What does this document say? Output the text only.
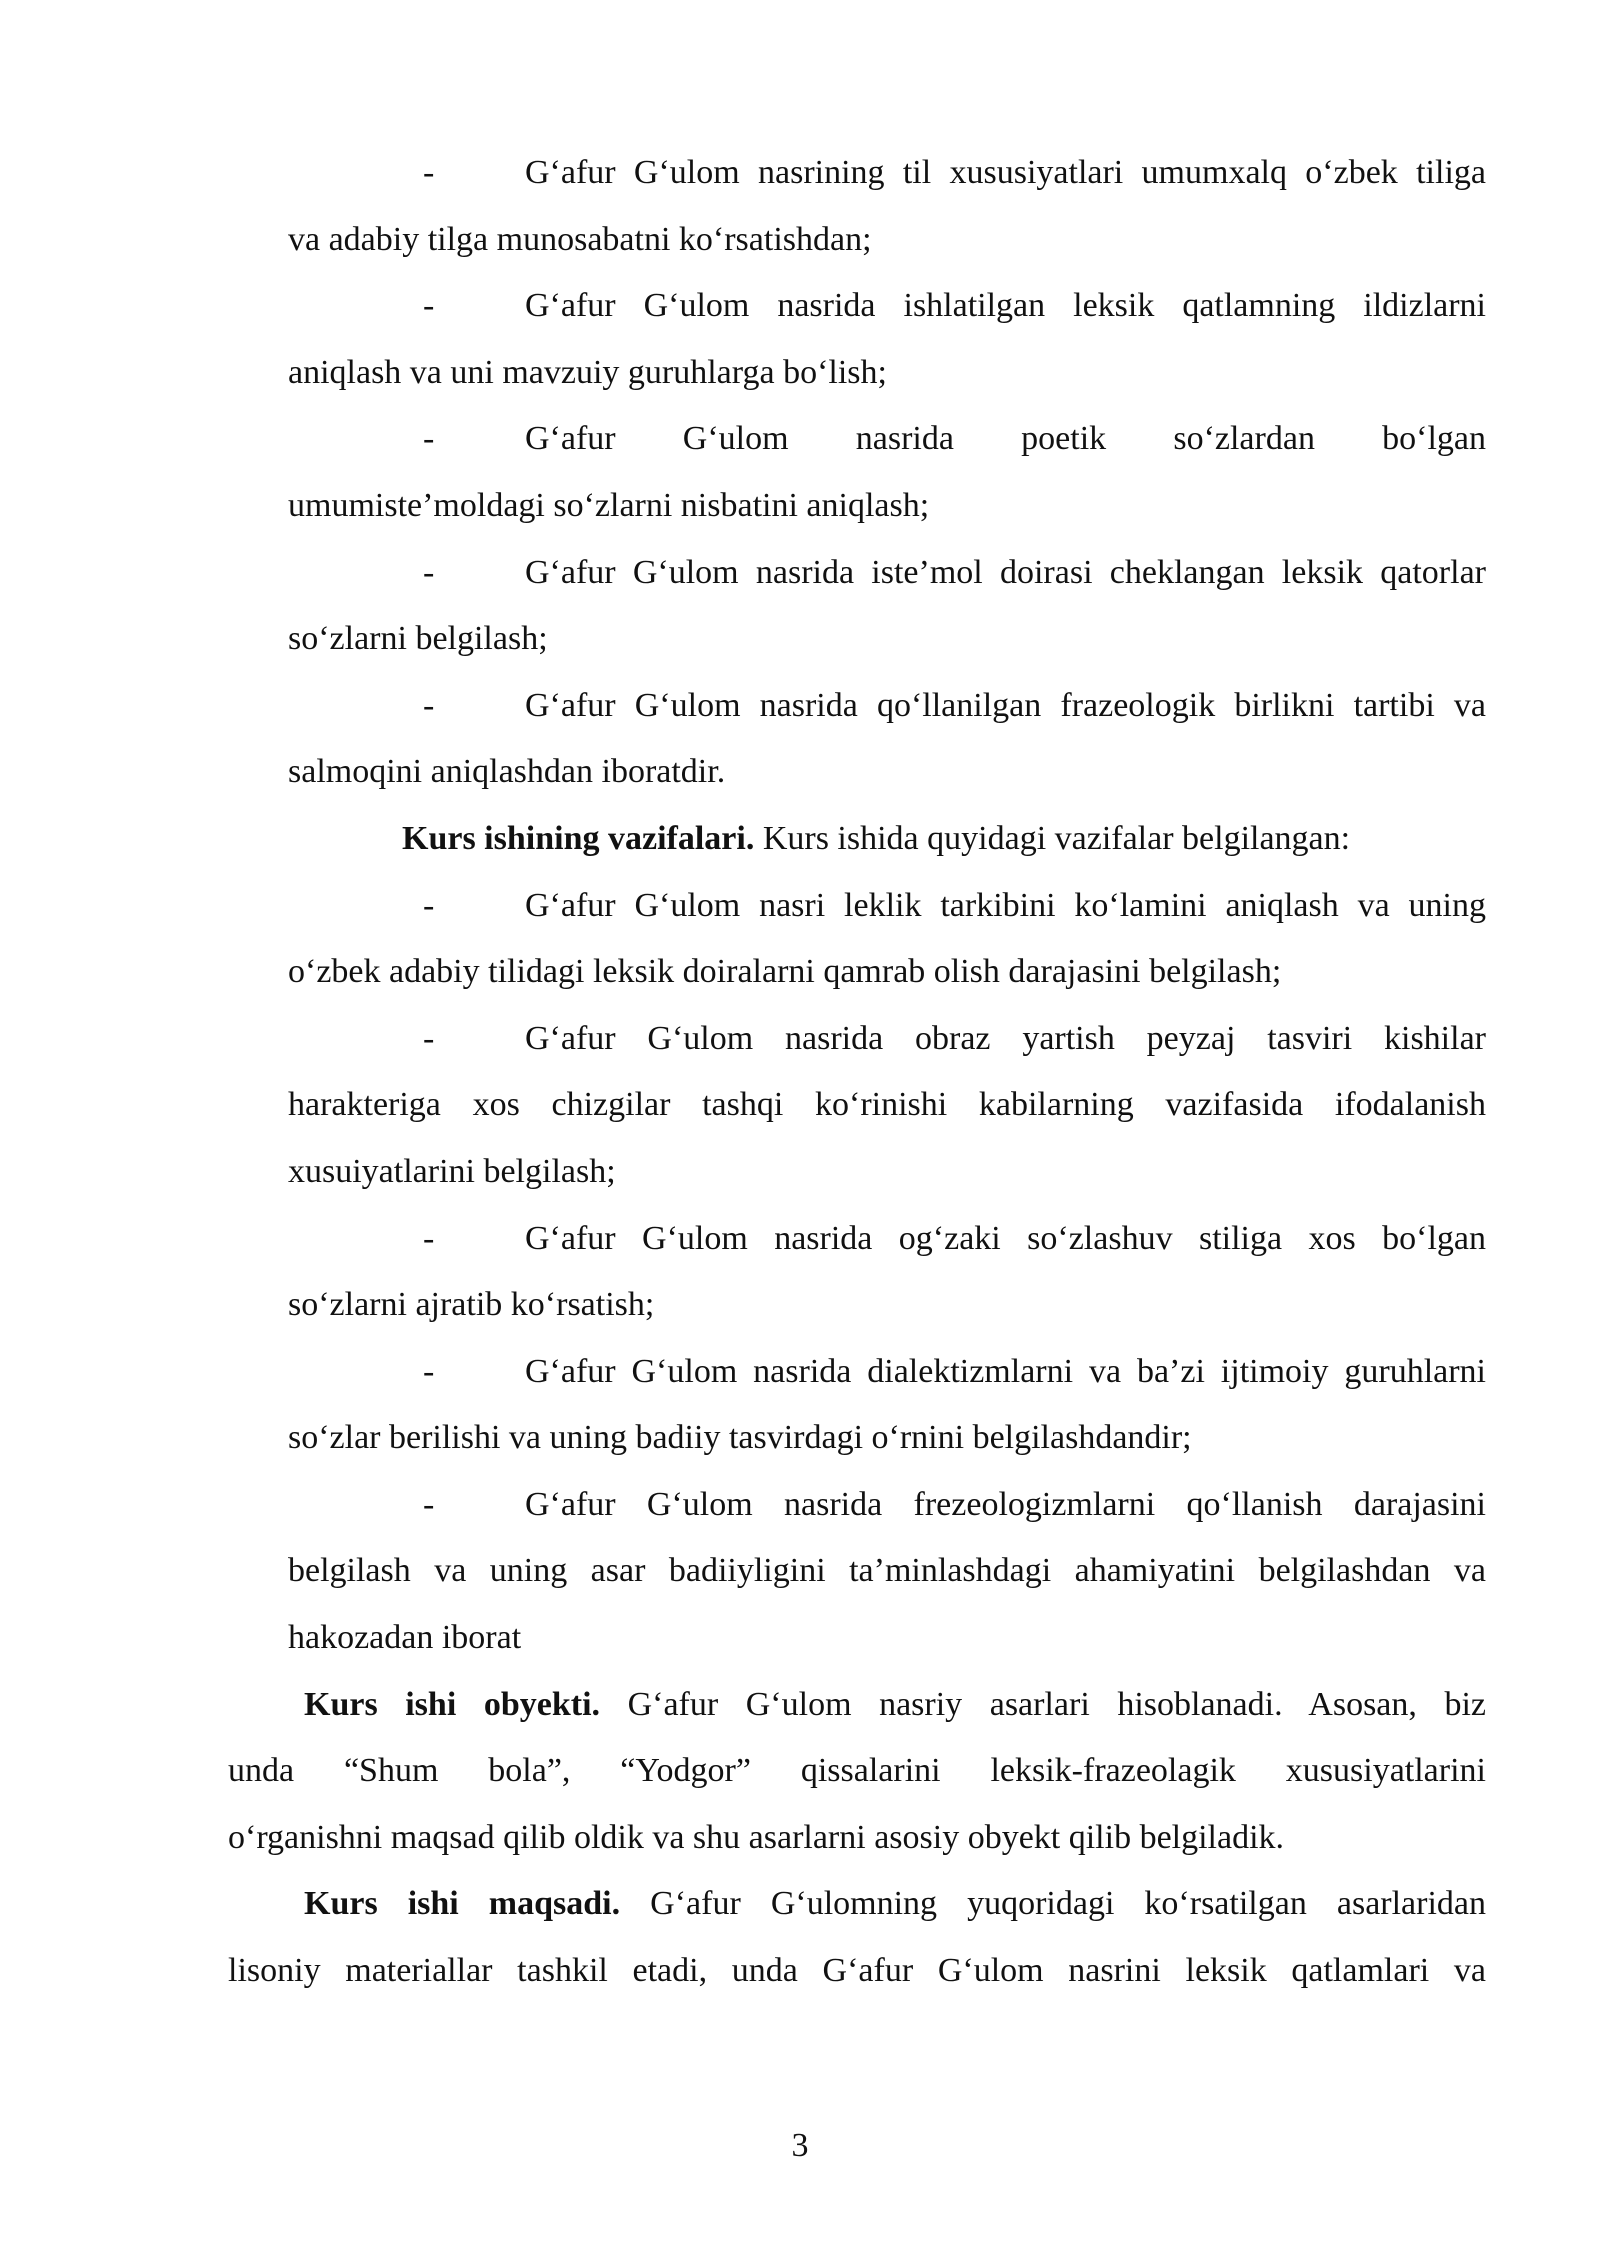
-	G‘afur G‘ulom nasrining til xususiyatlari umumxalq o‘zbek tiliga
va adabiy tilga munosabatni ko‘rsatishdan;
-	G‘afur G‘ulom nasrida ishlatilgan leksik qatlamning ildizlarni
aniqlash va uni mavzuiy guruhlarga bo‘lish;
-	G‘afur G‘ulom nasrida poetik so‘zlardan bo‘lgan
umumiste’moldagi so‘zlarni nisbatini aniqlash;
-	G‘afur G‘ulom nasrida iste’mol doirasi cheklangan leksik qatorlar
so‘zlarni belgilash;
-	G‘afur G‘ulom nasrida qo‘llanilgan frazeologik birlikni tartibi va
salmoqini aniqlashdan iboratdir.
Kurs ishining vazifalari. Kurs ishida quyidagi vazifalar belgilangan:
-	G‘afur G‘ulom nasri leklik tarkibini ko‘lamini aniqlash va uning
o‘zbek adabiy tilidagi leksik doiralarni qamrab olish darajasini belgilash;
-	G‘afur G‘ulom nasrida obraz yartish peyzaj tasviri kishilar
harakteriga xos chizgilar tashqi ko‘rinishi kabilarning vazifasida ifodalanish
xusuiyatlarini belgilash;
-	G‘afur G‘ulom nasrida og‘zaki so‘zlashuv stiliga xos bo‘lgan
so‘zlarni ajratib ko‘rsatish;
-	G‘afur G‘ulom nasrida dialektizmlarni va ba’zi ijtimoiy guruhlarni
so‘zlar berilishi va uning badiiy tasvirdagi o‘rnini belgilashdandir;
-	G‘afur G‘ulom nasrida frezeologizmlarni qo‘llanish darajasini
belgilash va uning asar badiiyligini ta’minlashdagi ahamiyatini belgilashdan va
hakozadan iborat
Kurs ishi obyekti. G‘afur G‘ulom nasriy asarlari hisoblanadi. Asosan, biz
unda “Shum bola”, “Yodgor” qissalarini leksik-frazeolagik xususiyatlarini
o‘rganishni maqsad qilib oldik va shu asarlarni asosiy obyekt qilib belgiladik.
Kurs ishi maqsadi. G‘afur G‘ulomning yuqoridagi ko‘rsatilgan asarlaridan
lisoniy materiallar tashkil etadi, unda G‘afur G‘ulom nasrini leksik qatlamlari va
3
